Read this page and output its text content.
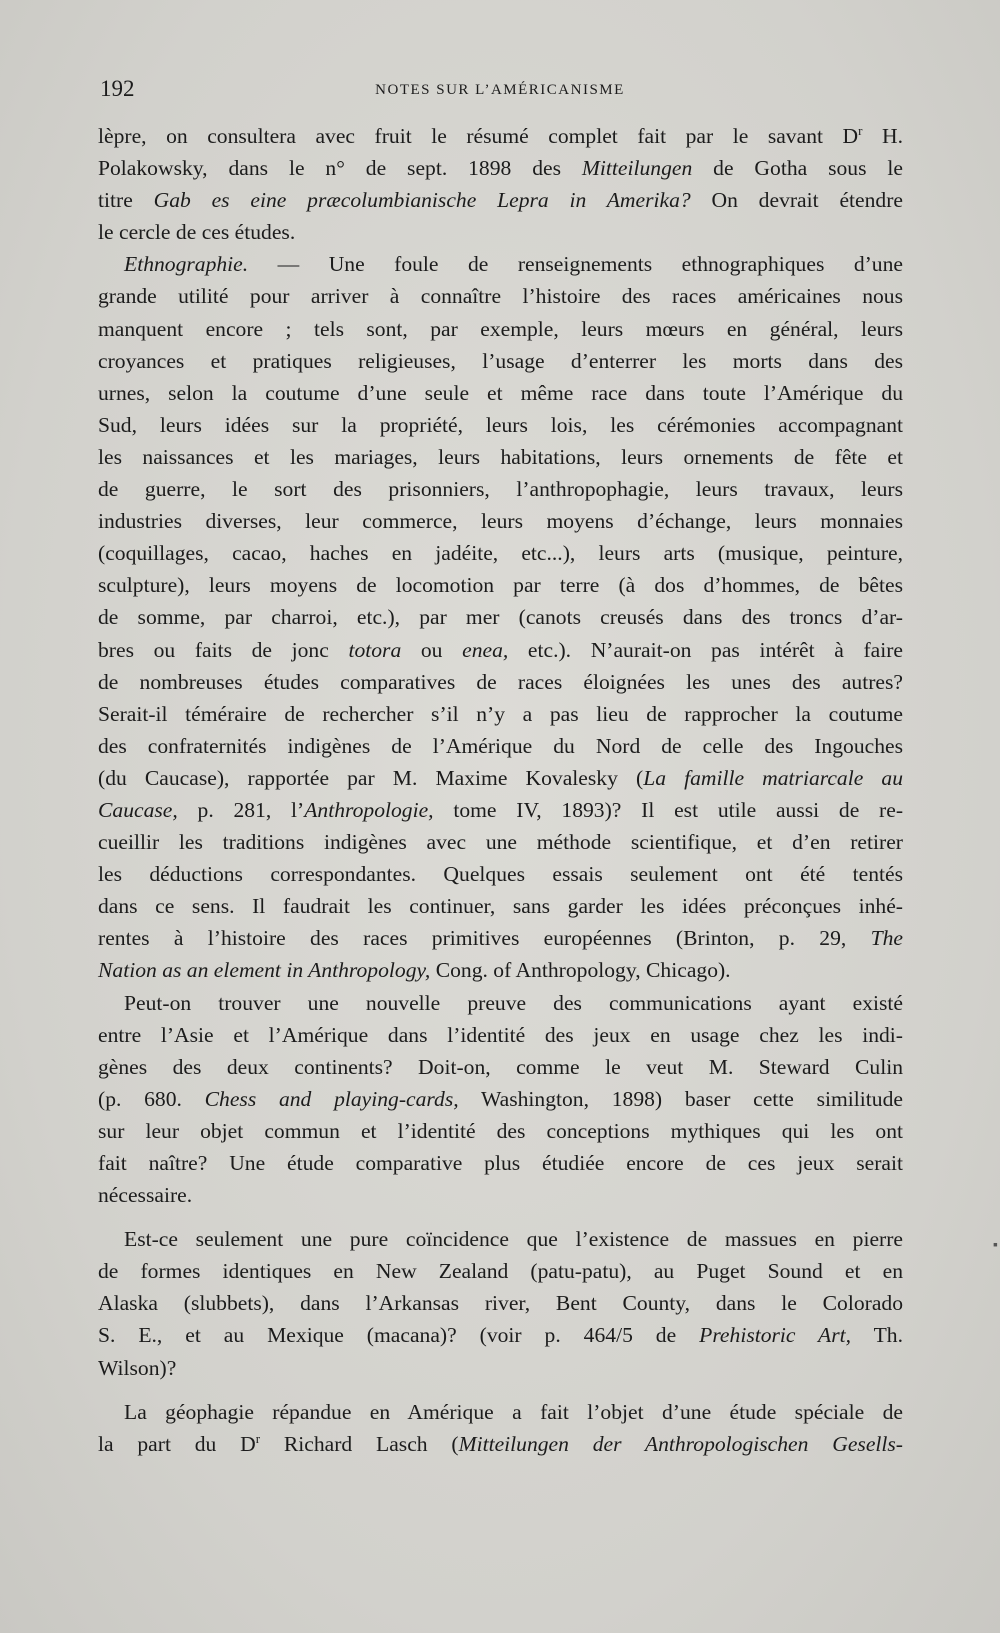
192	NOTES SUR L’AMÉRICANISME
lèpre, on consultera avec fruit le résumé complet fait par le savant $D^r$ H.
Polakowsky, dans le n° de sept. 1898 des Mitteilungen de Gotha sous le
titre Gab es eine præcolumbianische Lepra in Amerika? On devrait étendre
le cercle de ces études.
Ethnographie. — Une foule de renseignements ethnographiques d’une
grande utilité pour arriver à connaître l’histoire des races américaines nous
manquent encore ; tels sont, par exemple, leurs mœurs en général, leurs
croyances et pratiques religieuses, l’usage d’enterrer les morts dans des
urnes, selon la coutume d’une seule et même race dans toute l’Amérique du
Sud, leurs idées sur la propriété, leurs lois, les cérémonies accompagnant
les naissances et les mariages, leurs habitations, leurs ornements de fête et
de guerre, le sort des prisonniers, l’anthropophagie, leurs travaux, leurs
industries diverses, leur commerce, leurs moyens d’échange, leurs monnaies
(coquillages, cacao, haches en jadéite, etc...), leurs arts (musique, peinture,
sculpture), leurs moyens de locomotion par terre (à dos d’hommes, de bêtes
de somme, par charroi, etc.), par mer (canots creusés dans des troncs d’ar-
bres ou faits de jonc totora ou enea, etc.). N’aurait-on pas intérêt à faire
de nombreuses études comparatives de races éloignées les unes des autres?
Serait-il téméraire de rechercher s’il n’y a pas lieu de rapprocher la coutume
des confraternités indigènes de l’Amérique du Nord de celle des Ingouches
(du Caucase), rapportée par M. Maxime Kovalesky (La famille matriarcale au
Caucase, p. 281, l’Anthropologie, tome IV, 1893)? Il est utile aussi de re-
cueillir les traditions indigènes avec une méthode scientifique, et d’en retirer
les déductions correspondantes. Quelques essais seulement ont été tentés
dans ce sens. Il faudrait les continuer, sans garder les idées préconçues inhé-
rentes à l’histoire des races primitives européennes (Brinton, p. 29, The
Nation as an element in Anthropology, Cong. of Anthropology, Chicago).
Peut-on trouver une nouvelle preuve des communications ayant existé
entre l’Asie et l’Amérique dans l’identité des jeux en usage chez les indi-
gènes des deux continents? Doit-on, comme le veut M. Steward Culin
(p. 680. Chess and playing-cards, Washington, 1898) baser cette similitude
sur leur objet commun et l’identité des conceptions mythiques qui les ont
fait naître? Une étude comparative plus étudiée encore de ces jeux serait
nécessaire.
Est-ce seulement une pure coïncidence que l’existence de massues en pierre
de formes identiques en New Zealand (patu-patu), au Puget Sound et en
Alaska (slubbets), dans l’Arkansas river, Bent County, dans le Colorado
S. E., et au Mexique (macana)? (voir p. 464/5 de Prehistoric Art, Th.
Wilson)?
La géophagie répandue en Amérique a fait l’objet d’une étude spéciale de
la part du $D^r$ Richard Lasch (Mitteilungen der Anthropologischen Gesells-
▪
